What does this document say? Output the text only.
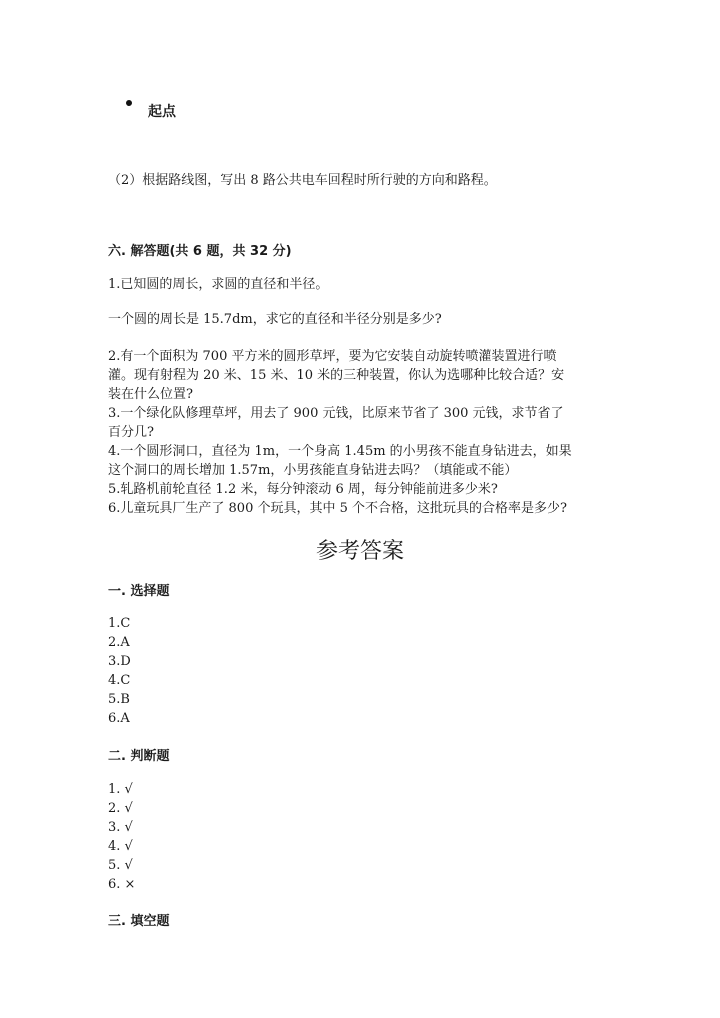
起点

（2）根据路线图，写出 8 路公共电车回程时所行驶的方向和路程。

六. 解答题(共 6 题，共 32 分)

1.已知圆的周长，求圆的直径和半径。

一个圆的周长是 15.7dm，求它的直径和半径分别是多少?

2.有一个面积为 700 平方米的圆形草坪，要为它安装自动旋转喷灌装置进行喷

灌。现有射程为 20 米、15 米、10 米的三种装置，你认为选哪种比较合适？安

装在什么位置?

3.一个绿化队修理草坪，用去了 900 元钱，比原来节省了 300 元钱，求节省了

百分几?

4.一个圆形洞口，直径为 1m，一个身高 1.45m 的小男孩不能直身钻进去，如果

这个洞口的周长增加 1.57m，小男孩能直身钻进去吗？（填能或不能）

5.轧路机前轮直径 1.2 米，每分钟滚动 6 周，每分钟能前进多少米?

6.儿童玩具厂生产了 800 个玩具，其中 5 个不合格，这批玩具的合格率是多少?

参考答案

一. 选择题

1.C

2.A

3.D

4.C

5.B

6.A

二. 判断题

1. √

2. √

3. √

4. √

5. √

6. ×

三. 填空题
